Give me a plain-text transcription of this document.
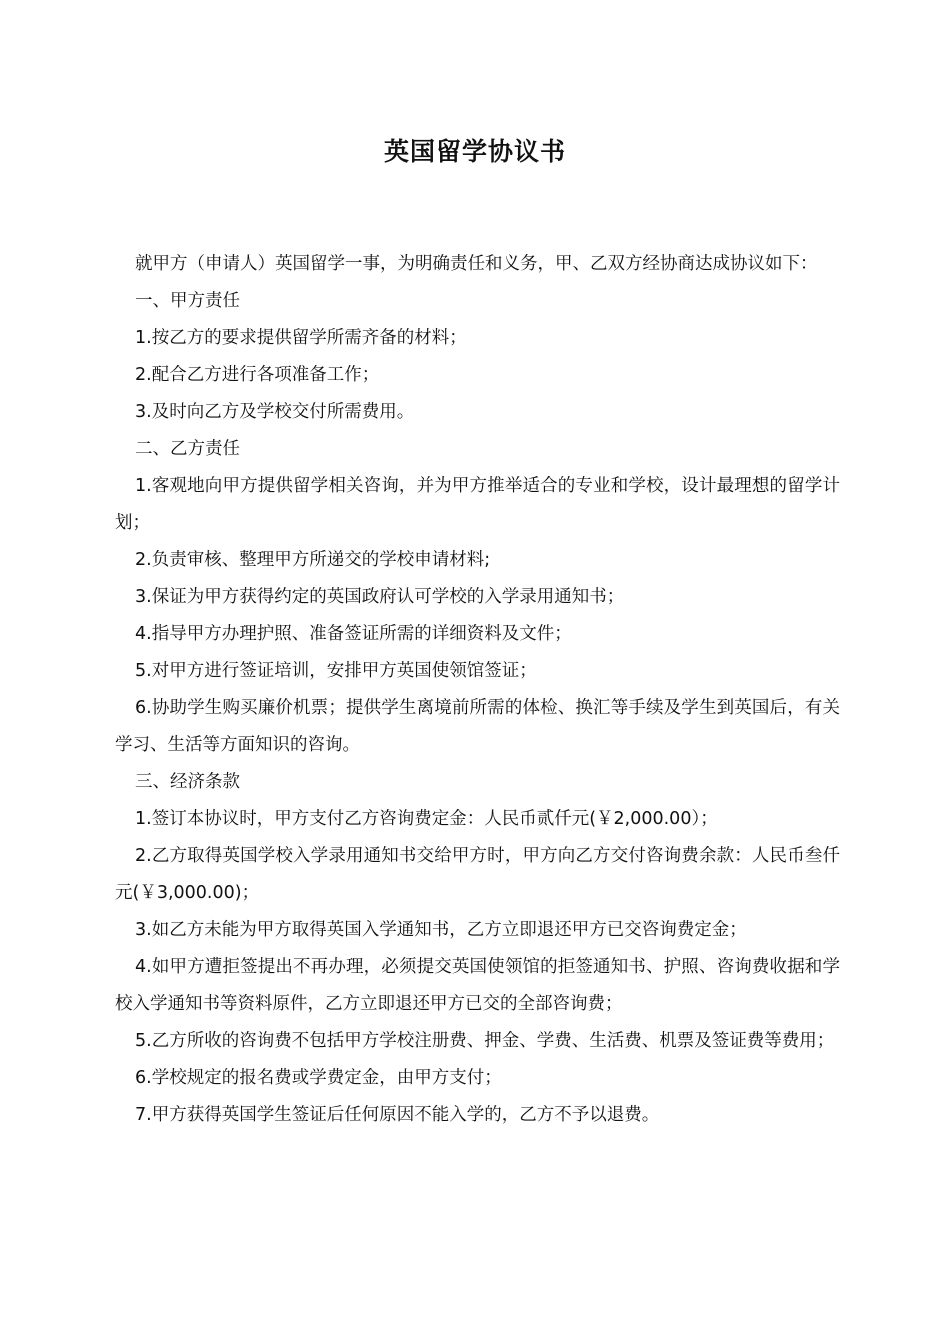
英国留学协议书

就甲方（申请人）英国留学一事，为明确责任和义务，甲、乙双方经协商达成协议如下：

一、甲方责任

1.按乙方的要求提供留学所需齐备的材料；

2.配合乙方进行各项准备工作；

3.及时向乙方及学校交付所需费用。

二、乙方责任

1.客观地向甲方提供留学相关咨询，并为甲方推举适合的专业和学校，设计最理想的留学计划；

2.负责审核、整理甲方所递交的学校申请材料;

3.保证为甲方获得约定的英国政府认可学校的入学录用通知书；

4.指导甲方办理护照、准备签证所需的详细资料及文件；

5.对甲方进行签证培训，安排甲方英国使领馆签证；

6.协助学生购买廉价机票；提供学生离境前所需的体检、换汇等手续及学生到英国后，有关学习、生活等方面知识的咨询。

三、经济条款

1.签订本协议时，甲方支付乙方咨询费定金：人民币贰仟元(￥2,000.00）；

2.乙方取得英国学校入学录用通知书交给甲方时，甲方向乙方交付咨询费余款：人民币叁仟元(￥3,000.00)；

3.如乙方未能为甲方取得英国入学通知书，乙方立即退还甲方已交咨询费定金；

4.如甲方遭拒签提出不再办理，必须提交英国使领馆的拒签通知书、护照、咨询费收据和学校入学通知书等资料原件，乙方立即退还甲方已交的全部咨询费；

5.乙方所收的咨询费不包括甲方学校注册费、押金、学费、生活费、机票及签证费等费用；

6.学校规定的报名费或学费定金，由甲方支付；

7.甲方获得英国学生签证后任何原因不能入学的，乙方不予以退费。
